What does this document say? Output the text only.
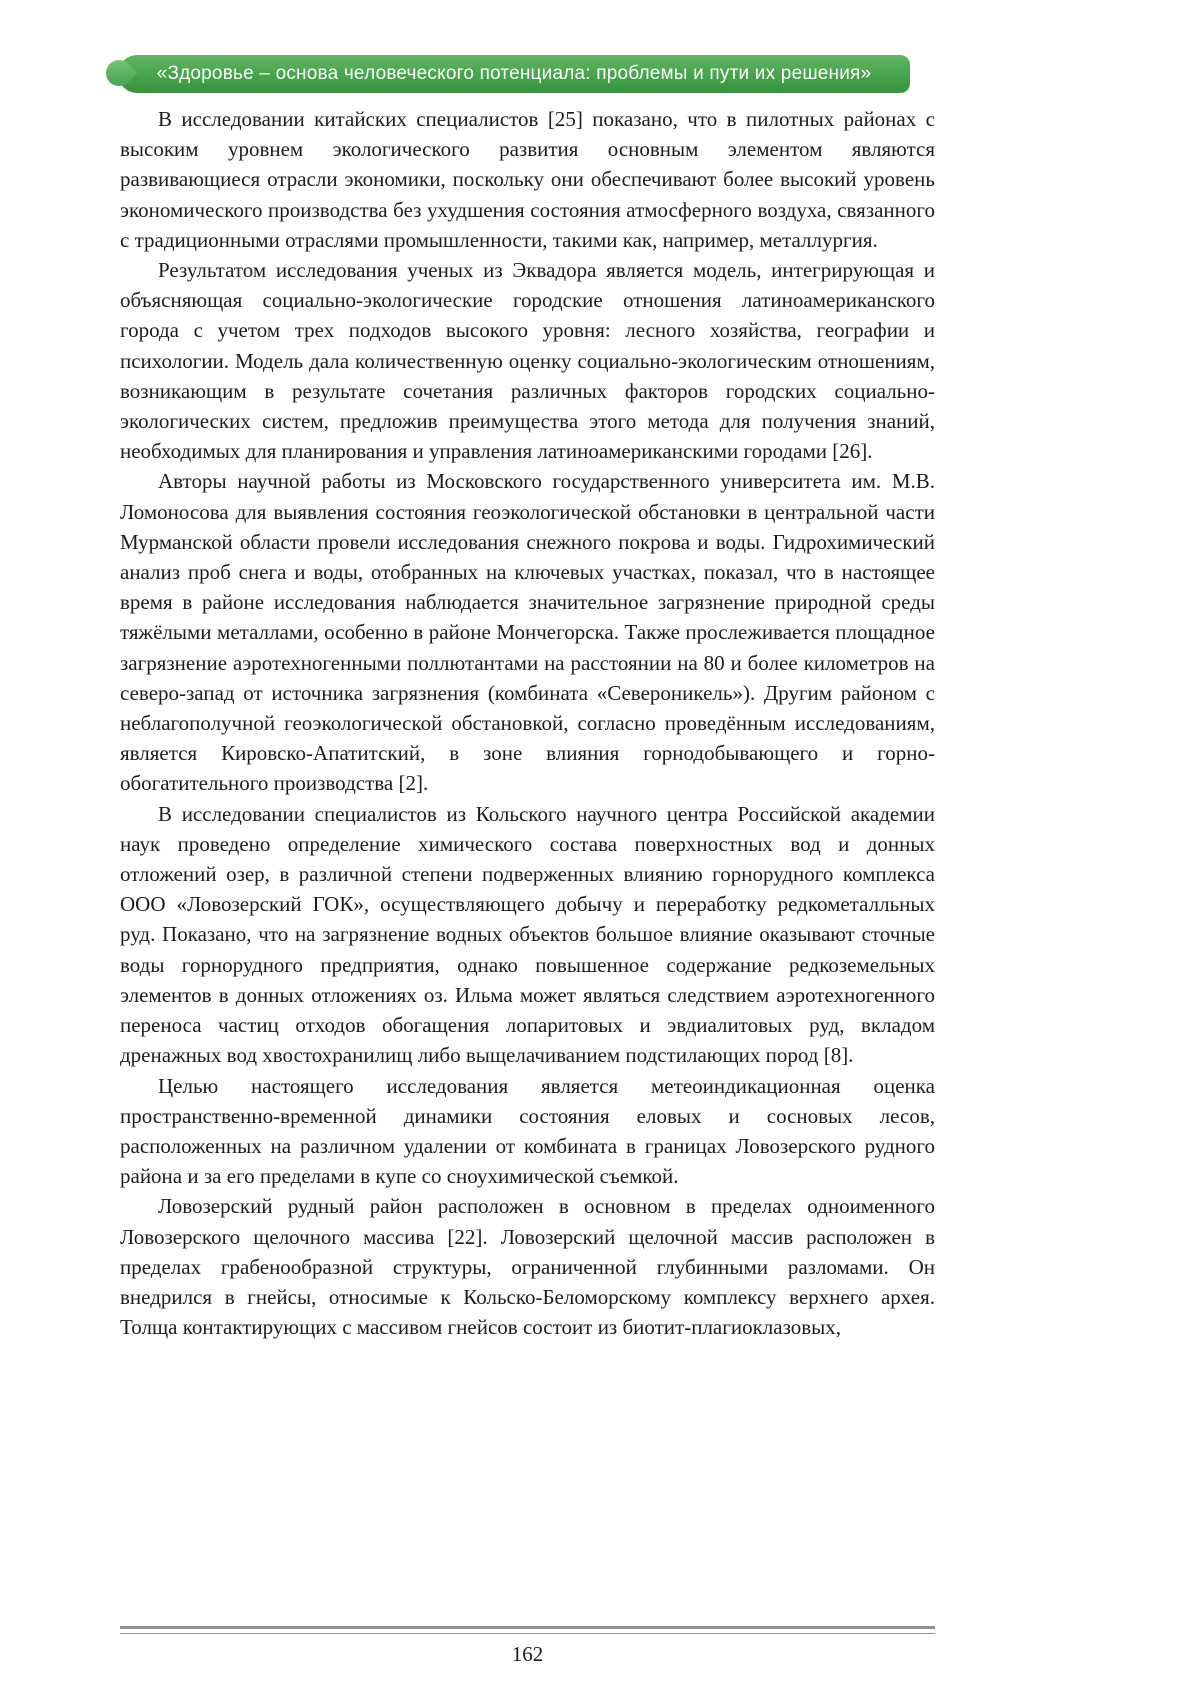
«Здоровье – основа человеческого потенциала: проблемы и пути их решения»

В исследовании китайских специалистов [25] показано, что в пилотных районах с высоким уровнем экологического развития основным элементом являются развивающиеся отрасли экономики, поскольку они обеспечивают более высокий уровень экономического производства без ухудшения состояния атмосферного воздуха, связанного с традиционными отраслями промышленности, такими как, например, металлургия.

Результатом исследования ученых из Эквадора является модель, интегрирующая и объясняющая социально-экологические городские отношения латиноамериканского города с учетом трех подходов высокого уровня: лесного хозяйства, географии и психологии. Модель дала количественную оценку социально-экологическим отношениям, возникающим в результате сочетания различных факторов городских социально-экологических систем, предложив преимущества этого метода для получения знаний, необходимых для планирования и управления латиноамериканскими городами [26].

Авторы научной работы из Московского государственного университета им. М.В. Ломоносова для выявления состояния геоэкологической обстановки в центральной части Мурманской области провели исследования снежного покрова и воды. Гидрохимический анализ проб снега и воды, отобранных на ключевых участках, показал, что в настоящее время в районе исследования наблюдается значительное загрязнение природной среды тяжёлыми металлами, особенно в районе Мончегорска. Также прослеживается площадное загрязнение аэротехногенными поллютантами на расстоянии на 80 и более километров на северо-запад от источника загрязнения (комбината «Североникель»). Другим районом с неблагополучной геоэкологической обстановкой, согласно проведённым исследованиям, является Кировско-Апатитский, в зоне влияния горнодобывающего и горно-обогатительного производства [2].

В исследовании специалистов из Кольского научного центра Российской академии наук проведено определение химического состава поверхностных вод и донных отложений озер, в различной степени подверженных влиянию горнорудного комплекса ООО «Ловозерский ГОК», осуществляющего добычу и переработку редкометалльных руд. Показано, что на загрязнение водных объектов большое влияние оказывают сточные воды горнорудного предприятия, однако повышенное содержание редкоземельных элементов в донных отложениях оз. Ильма может являться следствием аэротехногенного переноса частиц отходов обогащения лопаритовых и эвдиалитовых руд, вкладом дренажных вод хвостохранилищ либо выщелачиванием подстилающих пород [8].

Целью настоящего исследования является метеоиндикационная оценка пространственно-временной динамики состояния еловых и сосновых лесов, расположенных на различном удалении от комбината в границах Ловозерского рудного района и за его пределами в купе со сноухимической съемкой.

Ловозерский рудный район расположен в основном в пределах одноименного Ловозерского щелочного массива [22]. Ловозерский щелочной массив расположен в пределах грабенообразной структуры, ограниченной глубинными разломами. Он внедрился в гнейсы, относимые к Кольско-Беломорскому комплексу верхнего архея. Толща контактирующих с массивом гнейсов состоит из биотит-плагиоклазовых,

162
